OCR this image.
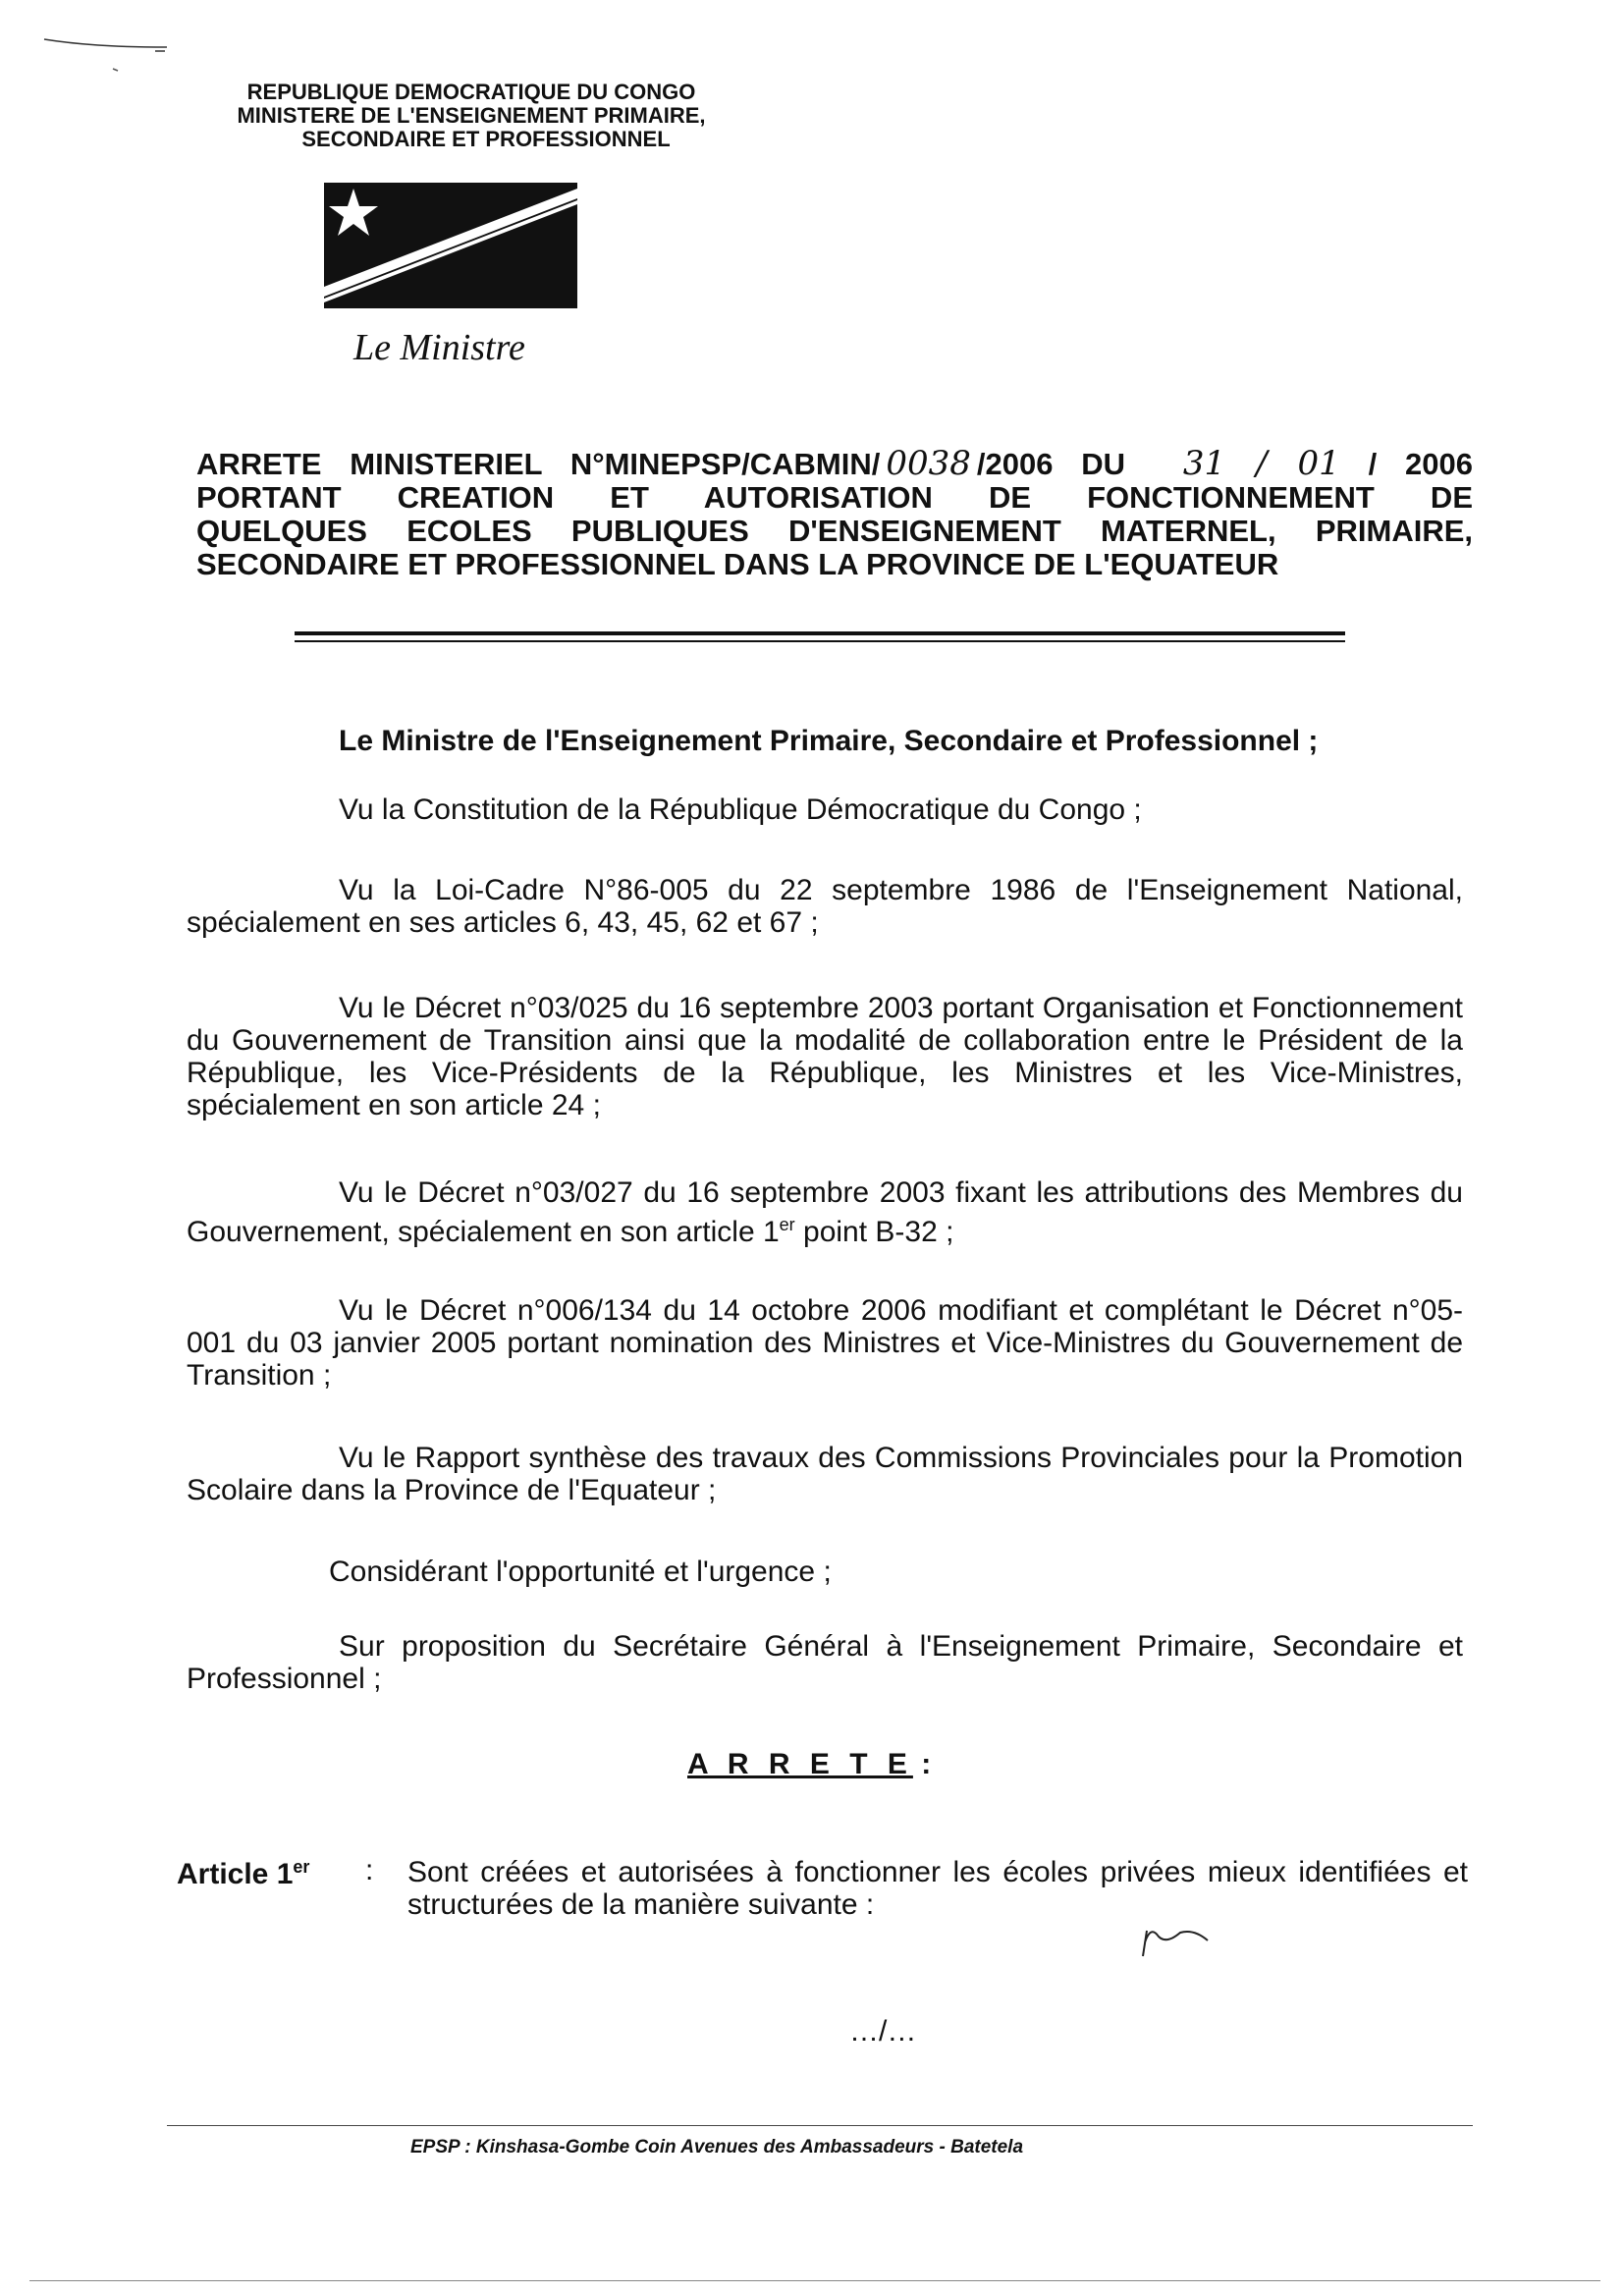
REPUBLIQUE DEMOCRATIQUE DU CONGO
MINISTERE DE L'ENSEIGNEMENT PRIMAIRE,
SECONDAIRE ET PROFESSIONNEL
Le Ministre
ARRETE MINISTERIEL N°MINEPSP/CABMIN/ 0038 /2006 DU 31 / 01 / 2006
PORTANT CREATION ET AUTORISATION DE FONCTIONNEMENT DE
QUELQUES ECOLES PUBLIQUES D'ENSEIGNEMENT MATERNEL, PRIMAIRE,
SECONDAIRE ET PROFESSIONNEL DANS LA PROVINCE DE L'EQUATEUR
Le Ministre de l'Enseignement Primaire, Secondaire et Professionnel ;
Vu la Constitution de la République Démocratique du Congo ;
Vu la Loi-Cadre N°86-005 du 22 septembre 1986 de l'Enseignement National, spécialement en ses articles 6, 43, 45, 62 et 67 ;
Vu le Décret n°03/025 du 16 septembre 2003 portant Organisation et Fonctionnement du Gouvernement de Transition ainsi que la modalité de collaboration entre le Président de la République, les Vice-Présidents de la République, les Ministres et les Vice-Ministres, spécialement en son article 24 ;
Vu le Décret n°03/027 du 16 septembre 2003 fixant les attributions des Membres du Gouvernement, spécialement en son article 1er point B-32 ;
Vu le Décret n°006/134 du 14 octobre 2006 modifiant et complétant le Décret n°05-001 du 03 janvier 2005 portant nomination des Ministres et Vice-Ministres du Gouvernement de Transition ;
Vu le Rapport synthèse des travaux des Commissions Provinciales pour la Promotion Scolaire dans la Province de l'Equateur ;
Considérant l'opportunité et l'urgence ;
Sur proposition du Secrétaire Général à l'Enseignement Primaire, Secondaire et Professionnel ;
A R R E T E :
Article 1er : Sont créées et autorisées à fonctionner les écoles privées mieux identifiées et structurées de la manière suivante :
…/…
EPSP : Kinshasa-Gombe Coin Avenues des Ambassadeurs - Batetela
